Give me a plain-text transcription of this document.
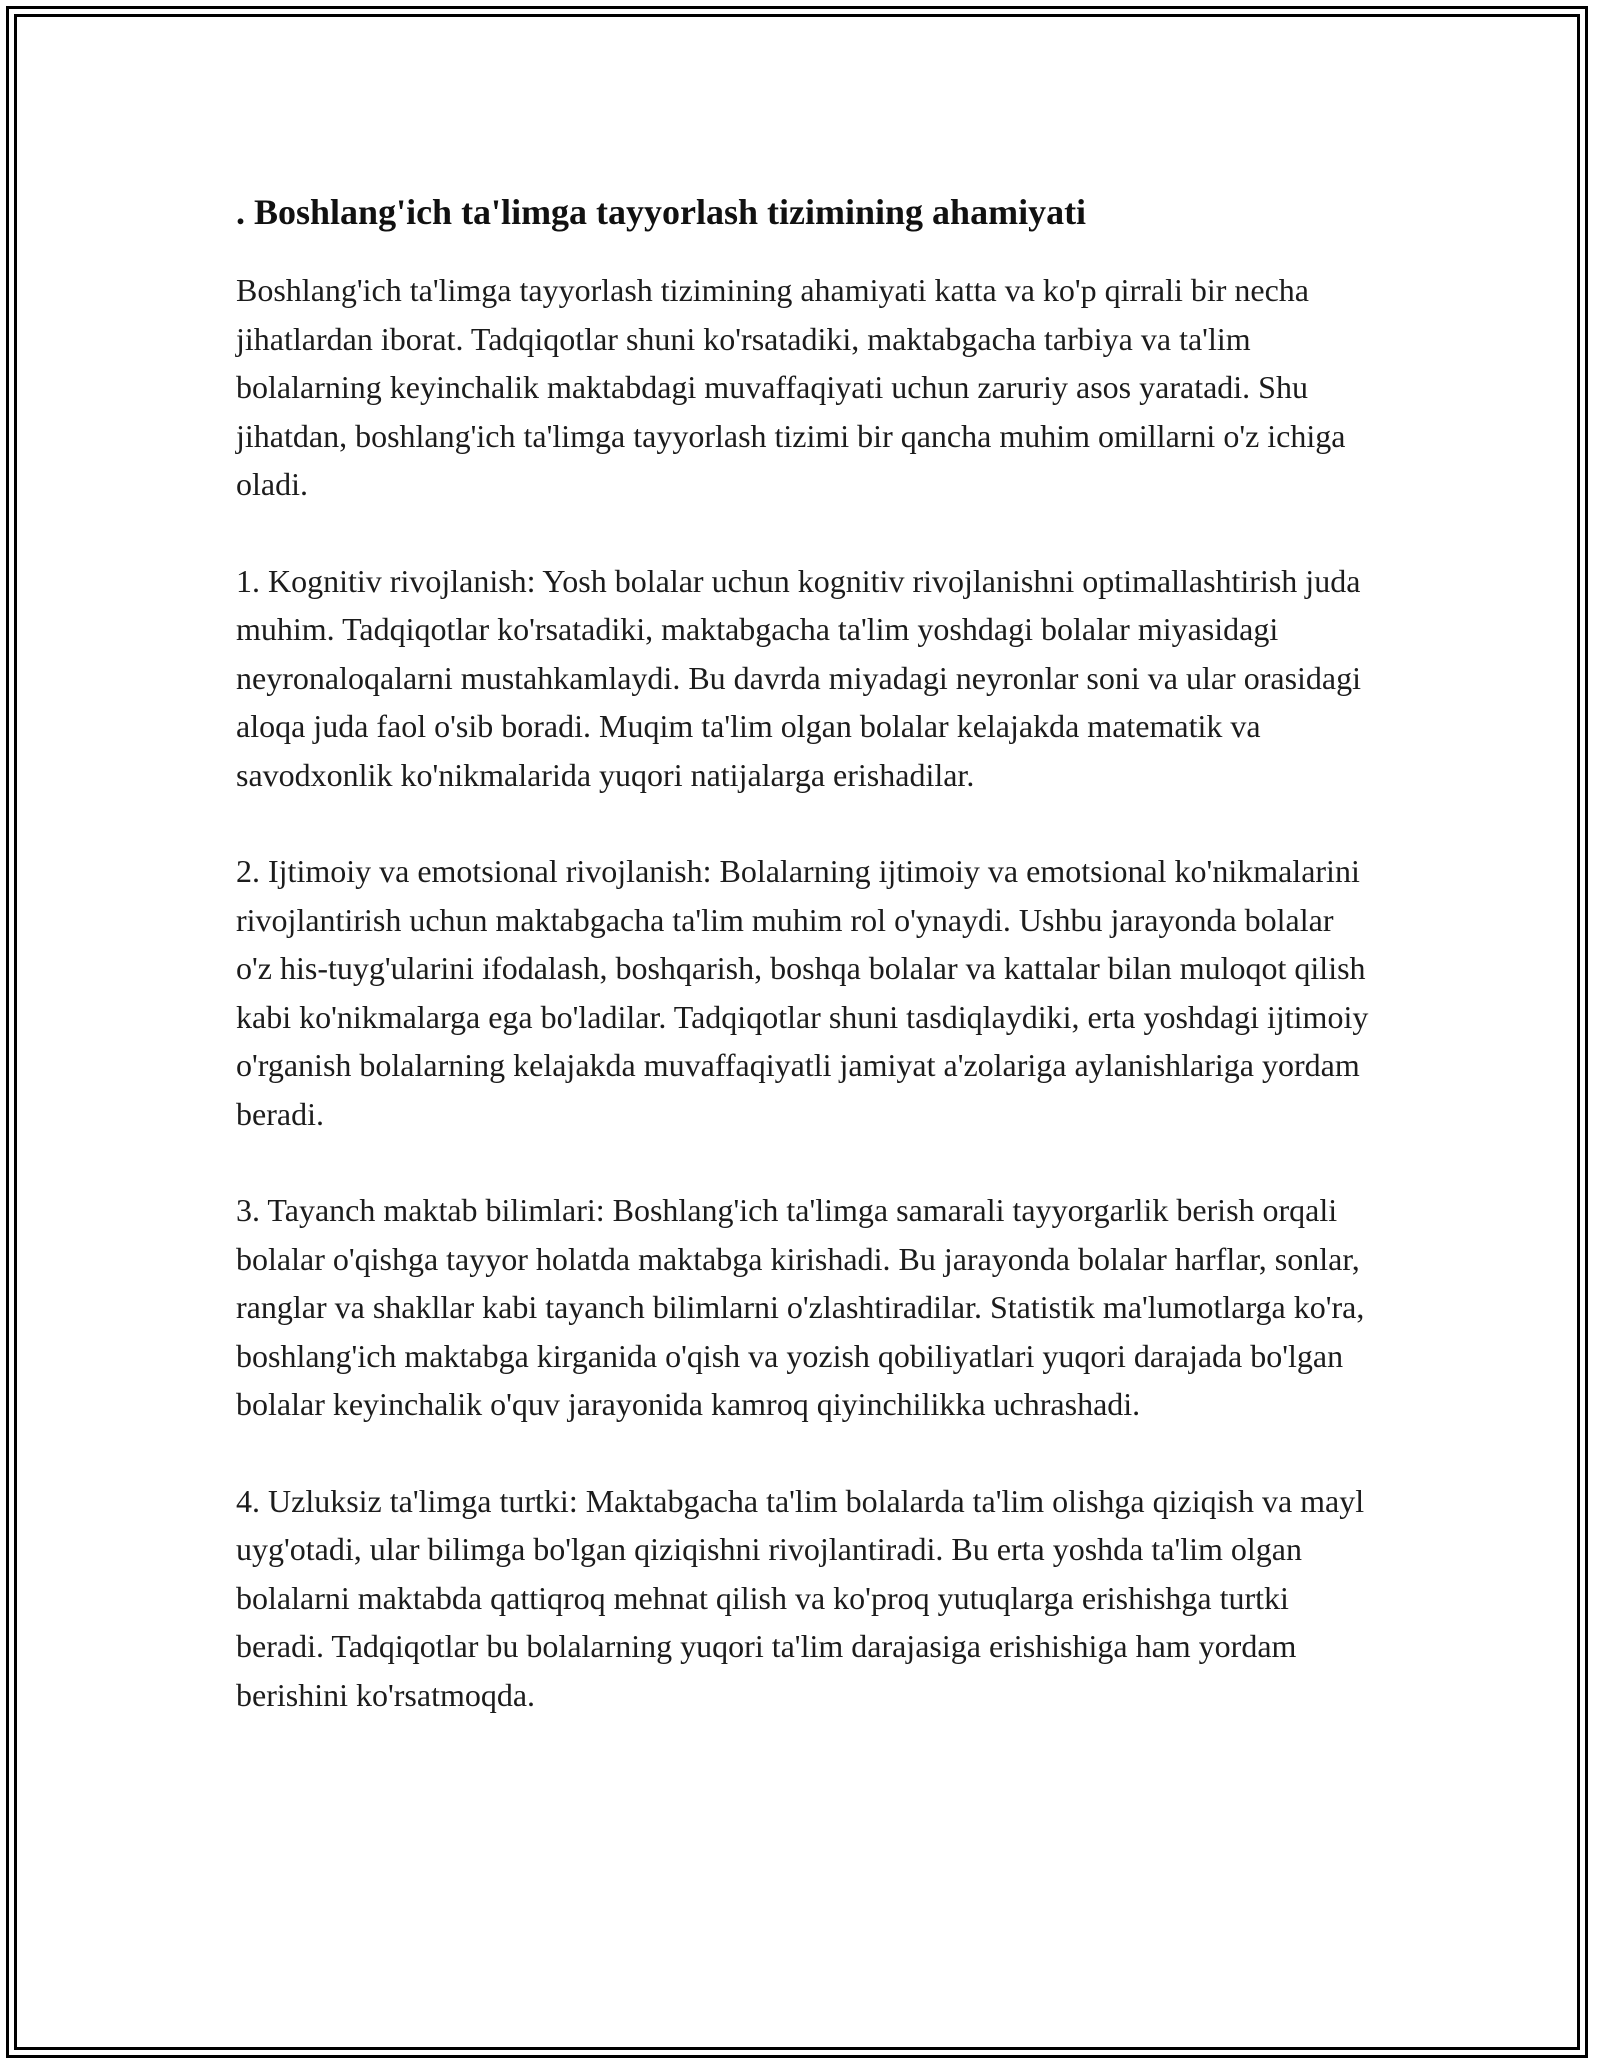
. Boshlang'ich ta'limga tayyorlash tizimining ahamiyati

Boshlang'ich ta'limga tayyorlash tizimining ahamiyati katta va ko'p qirrali bir necha jihatlardan iborat. Tadqiqotlar shuni ko'rsatadiki, maktabgacha tarbiya va ta'lim bolalarning keyinchalik maktabdagi muvaffaqiyati uchun zaruriy asos yaratadi. Shu jihatdan, boshlang'ich ta'limga tayyorlash tizimi bir qancha muhim omillarni o'z ichiga oladi.

1. Kognitiv rivojlanish: Yosh bolalar uchun kognitiv rivojlanishni optimallashtirish juda muhim. Tadqiqotlar ko'rsatadiki, maktabgacha ta'lim yoshdagi bolalar miyasidagi neyronaloqalarni mustahkamlaydi. Bu davrda miyadagi neyronlar soni va ular orasidagi aloqa juda faol o'sib boradi. Muqim ta'lim olgan bolalar kelajakda matematik va savodxonlik ko'nikmalarida yuqori natijalarga erishadilar.

2. Ijtimoiy va emotsional rivojlanish: Bolalarning ijtimoiy va emotsional ko'nikmalarini rivojlantirish uchun maktabgacha ta'lim muhim rol o'ynaydi. Ushbu jarayonda bolalar o'z his-tuyg'ularini ifodalash, boshqarish, boshqa bolalar va kattalar bilan muloqot qilish kabi ko'nikmalarga ega bo'ladilar. Tadqiqotlar shuni tasdiqlaydiki, erta yoshdagi ijtimoiy o'rganish bolalarning kelajakda muvaffaqiyatli jamiyat a'zolariga aylanishlariga yordam beradi.

3. Tayanch maktab bilimlari: Boshlang'ich ta'limga samarali tayyorgarlik berish orqali bolalar o'qishga tayyor holatda maktabga kirishadi. Bu jarayonda bolalar harflar, sonlar, ranglar va shakllar kabi tayanch bilimlarni o'zlashtiradilar. Statistik ma'lumotlarga ko'ra, boshlang'ich maktabga kirganida o'qish va yozish qobiliyatlari yuqori darajada bo'lgan bolalar keyinchalik o'quv jarayonida kamroq qiyinchilikka uchrashadi.

4. Uzluksiz ta'limga turtki: Maktabgacha ta'lim bolalarda ta'lim olishga qiziqish va mayl uyg'otadi, ular bilimga bo'lgan qiziqishni rivojlantiradi. Bu erta yoshda ta'lim olgan bolalarni maktabda qattiqroq mehnat qilish va ko'proq yutuqlarga erishishga turtki beradi. Tadqiqotlar bu bolalarning yuqori ta'lim darajasiga erishishiga ham yordam berishini ko'rsatmoqda.
